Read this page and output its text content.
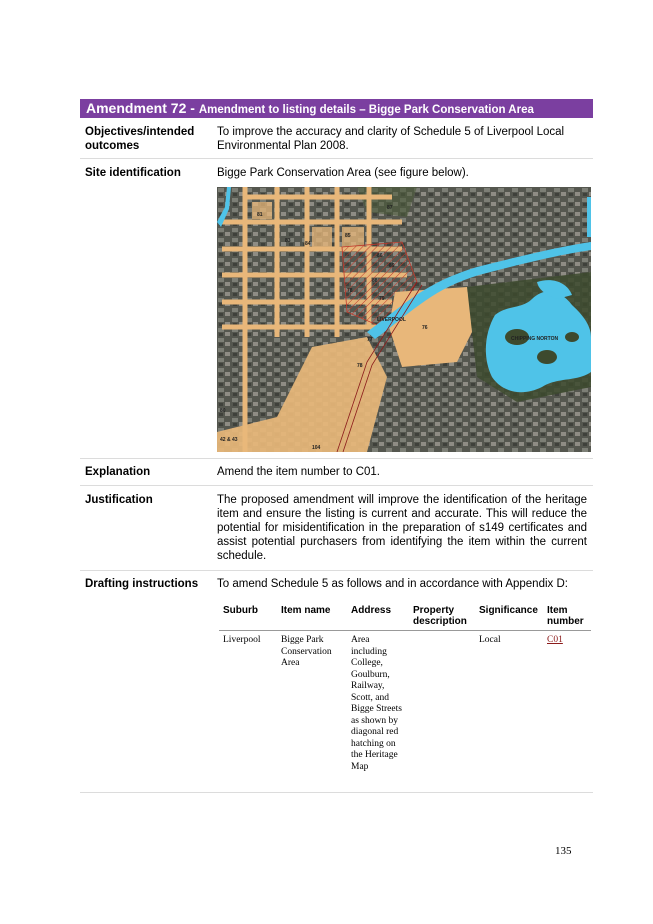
Amendment 72 - Amendment to listing details – Bigge Park Conservation Area
Objectives/intended
outcomes
To improve the accuracy and clarity of Schedule 5 of Liverpool Local Environmental Plan 2008.
Site identification	Bigge Park Conservation Area (see figure below).
81
83	84
85
86
87
88
89
78
79
76
77
78
LIVERPOOL
CHIPPING NORTON
104
42 & 43
80
Explanation	Amend the item number to C01.
Justification	The proposed amendment will improve the identification of the heritage item and ensure the listing is current and accurate. This will reduce the potential for misidentification in the preparation of s149 certificates and assist potential purchasers from identifying the item within the current schedule.
Drafting instructions To amend Schedule 5 as follows and in accordance with Appendix D:
Suburb	Item name	Address	Property description	Significance	Item number
Liverpool	Bigge Park Conservation Area	Area including College, Goulburn, Railway, Scott, and Bigge Streets as shown by diagonal red hatching on the Heritage Map		Local	C01
135
